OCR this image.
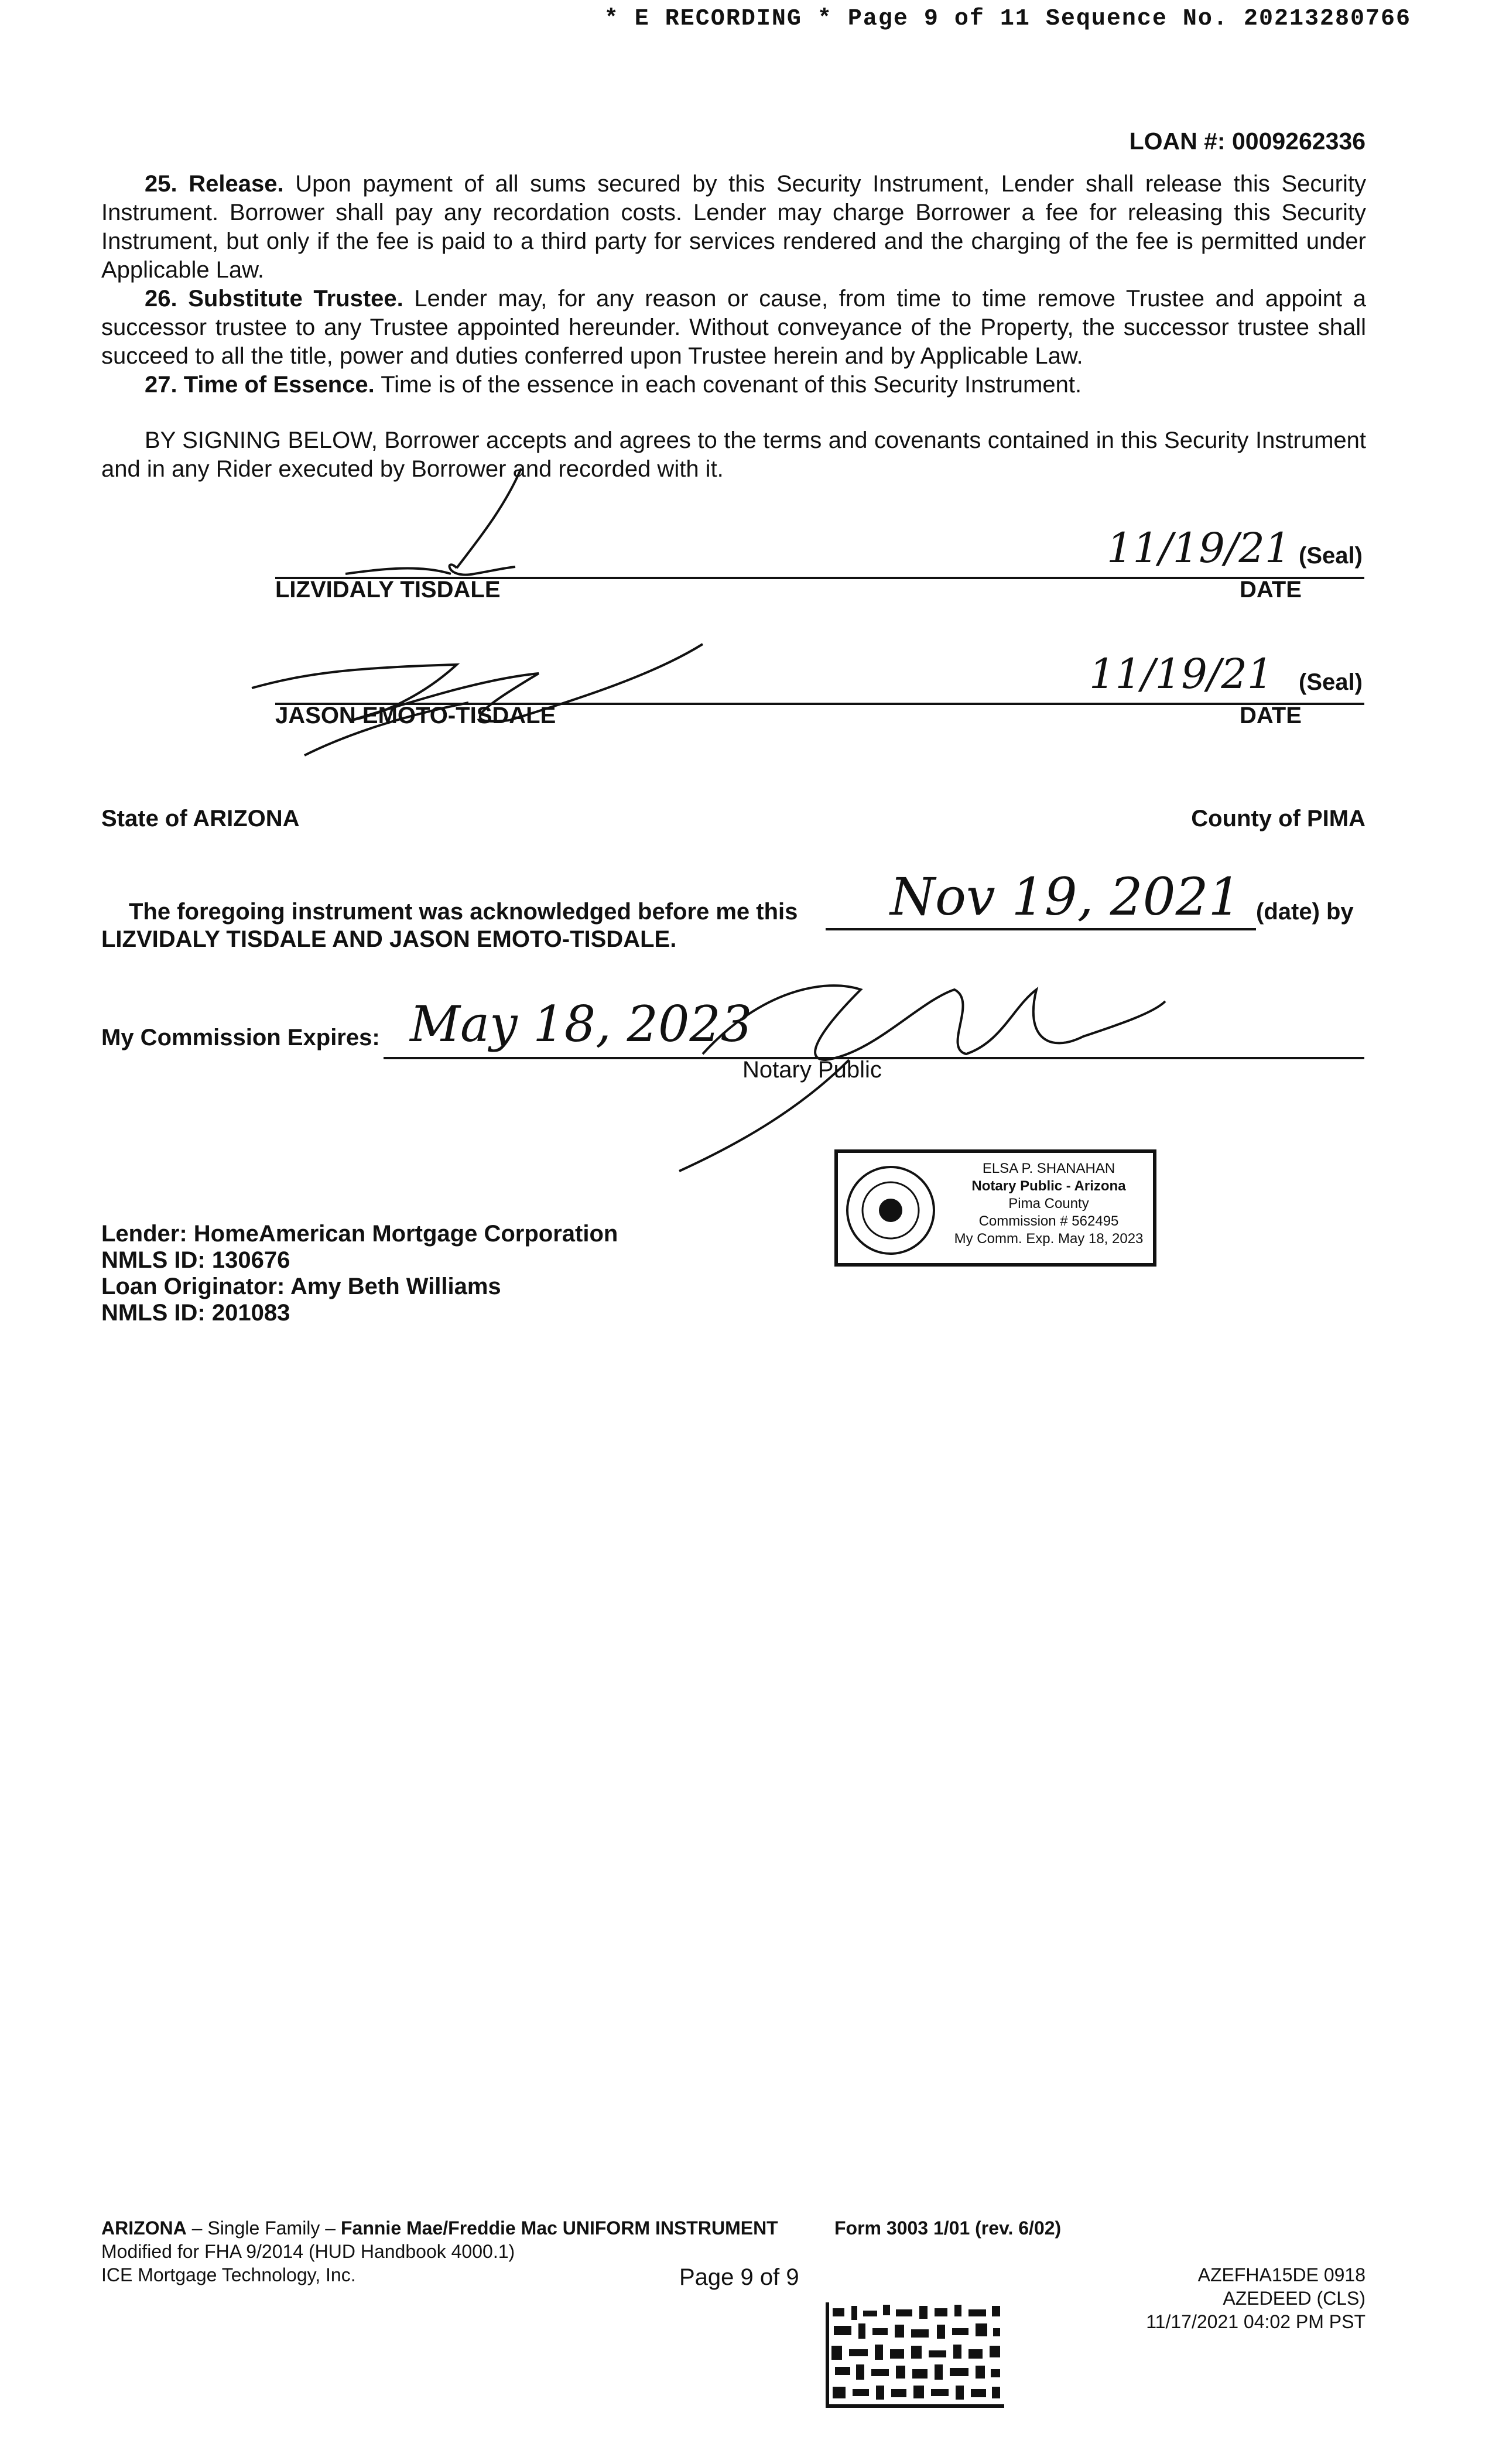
* E RECORDING * Page 9 of 11 Sequence No. 20213280766
LOAN #: 0009262336

25. Release. Upon payment of all sums secured by this Security Instrument, Lender shall release this Security Instrument. Borrower shall pay any recordation costs. Lender may charge Borrower a fee for releasing this Security Instrument, but only if the fee is paid to a third party for services rendered and the charging of the fee is permitted under Applicable Law.

26. Substitute Trustee. Lender may, for any reason or cause, from time to time remove Trustee and appoint a successor trustee to any Trustee appointed hereunder. Without conveyance of the Property, the successor trustee shall succeed to all the title, power and duties conferred upon Trustee herein and by Applicable Law.

27. Time of Essence. Time is of the essence in each covenant of this Security Instrument.

BY SIGNING BELOW, Borrower accepts and agrees to the terms and covenants contained in this Security Instrument and in any Rider executed by Borrower and recorded with it.

11/19/21 (Seal)
LIZVIDALY TISDALE	DATE
11/19/21 (Seal)
JASON EMOTO-TISDALE	DATE
State of ARIZONA	County of PIMA
The foregoing instrument was acknowledged before me this Nov 19, 2021 (date) by
LIZVIDALY TISDALE AND JASON EMOTO-TISDALE.
My Commission Expires: May 18, 2023
Notary Public
ELSA P. SHANAHAN
Notary Public - Arizona
Pima County
Commission # 562495
My Comm. Exp. May 18, 2023
Lender: HomeAmerican Mortgage Corporation
NMLS ID: 130676
Loan Originator: Amy Beth Williams
NMLS ID: 201083
ARIZONA – Single Family – Fannie Mae/Freddie Mac UNIFORM INSTRUMENT
Modified for FHA 9/2014 (HUD Handbook 4000.1)
ICE Mortgage Technology, Inc.
Form 3003 1/01 (rev. 6/02)
Page 9 of 9	AZEFHA15DE 0918
AZEDEED (CLS)
11/17/2021 04:02 PM PST
